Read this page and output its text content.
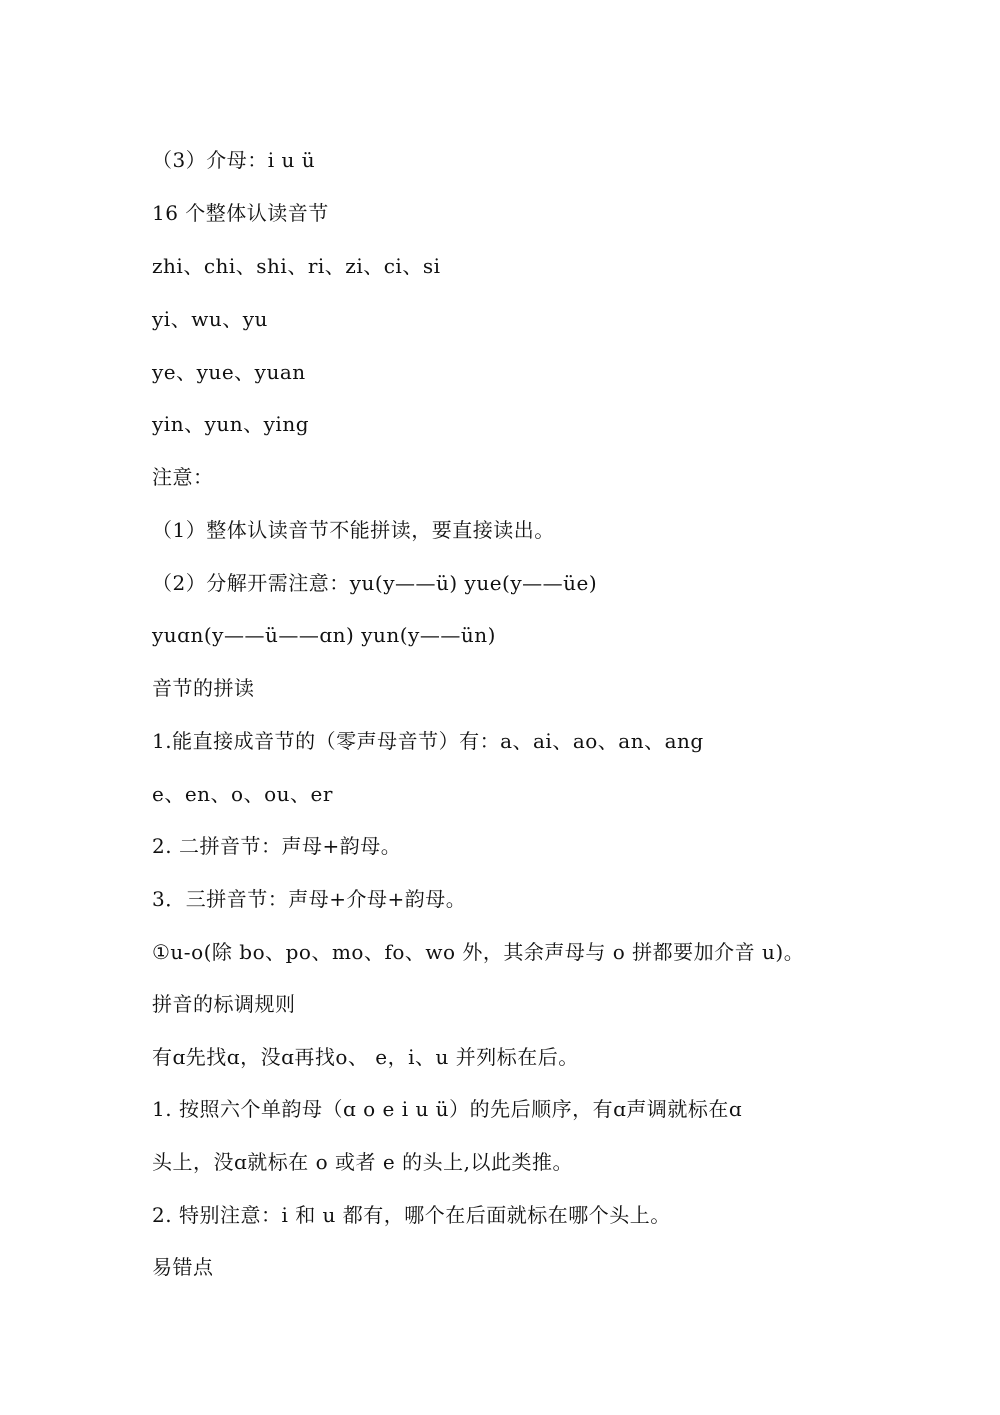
（3）介母：i u ü
16 个整体认读音节
zhi、chi、shi、ri、zi、ci、si
yi、wu、yu
ye、yue、yuan
yin、yun、ying
注意：
（1）整体认读音节不能拼读，要直接读出。
（2）分解开需注意：yu(y——ü) yue(y——üe)
yuɑn(y——ü——ɑn) yun(y——ün)
音节的拼读
1.能直接成音节的（零声母音节）有：a、ai、ao、an、ang
e、en、o、ou、er
2. 二拼音节：声母+韵母。
3．三拼音节：声母+介母+韵母。
①u-o(除 bo、po、mo、fo、wo 外，其余声母与 o 拼都要加介音 u)。
拼音的标调规则
有ɑ先找ɑ，没ɑ再找o、 e，i、u 并列标在后。
1. 按照六个单韵母（ɑ o e i u ü）的先后顺序，有ɑ声调就标在ɑ
头上，没ɑ就标在 o 或者 e 的头上,以此类推。
2. 特别注意：i 和 u 都有，哪个在后面就标在哪个头上。
易错点
